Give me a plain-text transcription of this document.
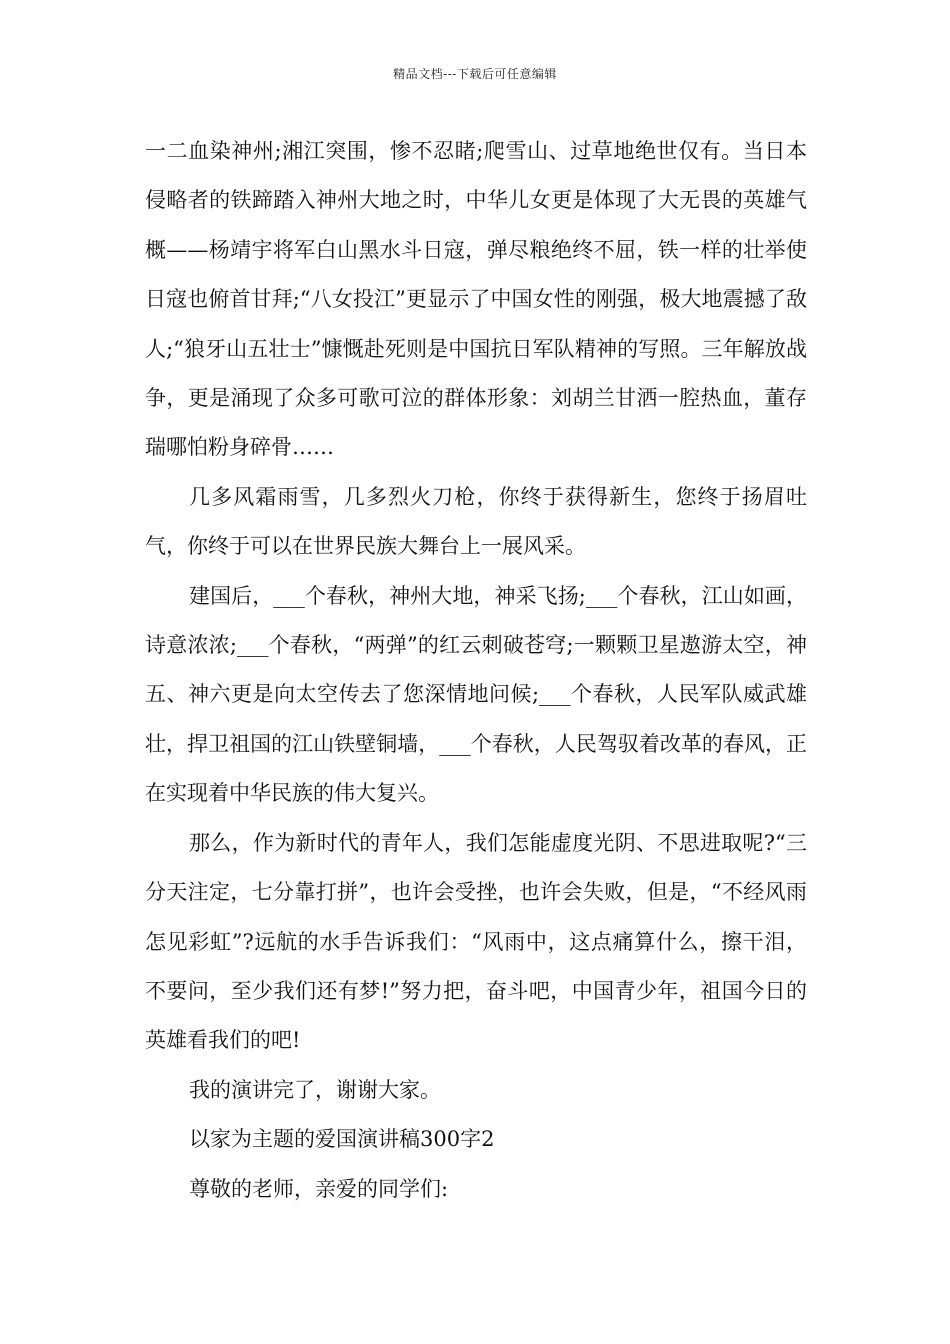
精品文档---下载后可任意编辑

一二血染神州;湘江突围，惨不忍睹;爬雪山、过草地绝世仅有。当日本侵略者的铁蹄踏入神州大地之时，中华儿女更是体现了大无畏的英雄气概——杨靖宇将军白山黑水斗日寇，弹尽粮绝终不屈，铁一样的壮举使日寇也俯首甘拜;“八女投江”更显示了中国女性的刚强，极大地震撼了敌人;“狼牙山五壮士”慷慨赴死则是中国抗日军队精神的写照。三年解放战争，更是涌现了众多可歌可泣的群体形象：刘胡兰甘洒一腔热血，董存瑞哪怕粉身碎骨……

几多风霜雨雪，几多烈火刀枪，你终于获得新生，您终于扬眉吐气，你终于可以在世界民族大舞台上一展风采。

建国后，___个春秋，神州大地，神采飞扬;___个春秋，江山如画，诗意浓浓;___个春秋，“两弹”的红云刺破苍穹;一颗颗卫星遨游太空，神五、神六更是向太空传去了您深情地问候;___个春秋，人民军队威武雄壮，捍卫祖国的江山铁壁铜墙，___个春秋，人民驾驭着改革的春风，正在实现着中华民族的伟大复兴。

那么，作为新时代的青年人，我们怎能虚度光阴、不思进取呢?“三分天注定，七分靠打拼”，也许会受挫，也许会失败，但是，“不经风雨怎见彩虹”?远航的水手告诉我们：“风雨中，这点痛算什么，擦干泪，不要问，至少我们还有梦!”努力把，奋斗吧，中国青少年，祖国今日的英雄看我们的吧!

我的演讲完了，谢谢大家。

以家为主题的爱国演讲稿300字2

尊敬的老师，亲爱的同学们:
